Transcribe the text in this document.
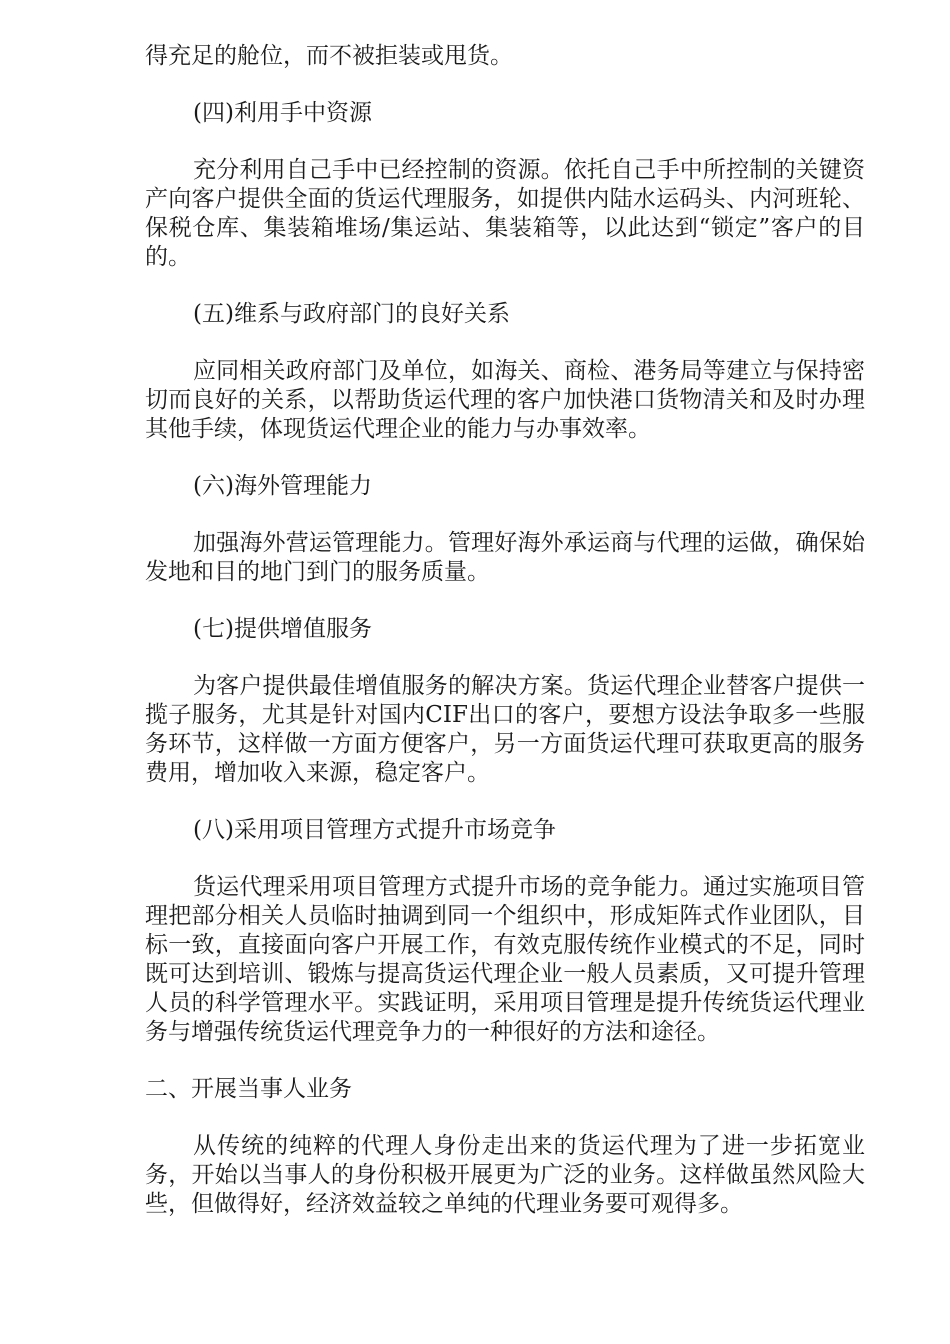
得充足的舱位，而不被拒装或甩货。
(四)利用手中资源
充分利用自己手中已经控制的资源。依托自己手中所控制的关键资产向客户提供全面的货运代理服务，如提供内陆水运码头、内河班轮、保税仓库、集装箱堆场/集运站、集装箱等，以此达到“锁定”客户的目的。
(五)维系与政府部门的良好关系
应同相关政府部门及单位，如海关、商检、港务局等建立与保持密切而良好的关系，以帮助货运代理的客户加快港口货物清关和及时办理其他手续，体现货运代理企业的能力与办事效率。
(六)海外管理能力
加强海外营运管理能力。管理好海外承运商与代理的运做，确保始发地和目的地门到门的服务质量。
(七)提供增值服务
为客户提供最佳增值服务的解决方案。货运代理企业替客户提供一揽子服务，尤其是针对国内CIF出口的客户，要想方设法争取多一些服务环节，这样做一方面方便客户，另一方面货运代理可获取更高的服务费用，增加收入来源，稳定客户。
(八)采用项目管理方式提升市场竞争
货运代理采用项目管理方式提升市场的竞争能力。通过实施项目管理把部分相关人员临时抽调到同一个组织中，形成矩阵式作业团队，目标一致，直接面向客户开展工作，有效克服传统作业模式的不足，同时既可达到培训、锻炼与提高货运代理企业一般人员素质，又可提升管理人员的科学管理水平。实践证明，采用项目管理是提升传统货运代理业务与增强传统货运代理竞争力的一种很好的方法和途径。
二、开展当事人业务
从传统的纯粹的代理人身份走出来的货运代理为了进一步拓宽业务，开始以当事人的身份积极开展更为广泛的业务。这样做虽然风险大些，但做得好，经济效益较之单纯的代理业务要可观得多。
